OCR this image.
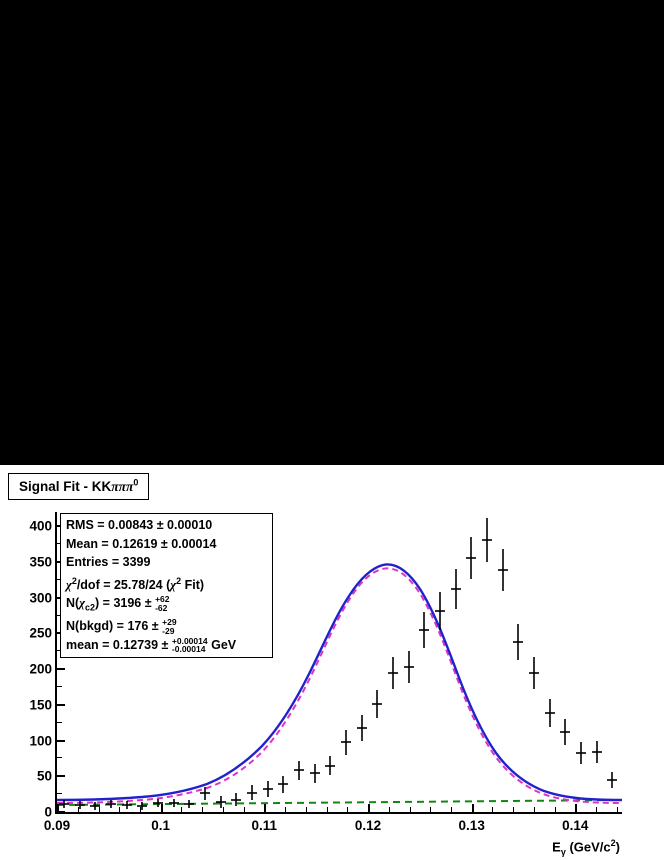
Signal Fit - KKπππ$^0$
0
50
100
150
200
250
300
350
400
0.09	0.1	0.11	0.12	0.13	0.14
$E_\gamma$ $(GeV/c^2)$
RMS = 0.00843 ± 0.00010
Mean = 0.12619 ± 0.00014
Entries = 3399
$\chi^2$/dof = 25.78/24 ($\chi^2$ Fit)
$N(\chi_{c2}) = 3196 \pm +62$
-62
N(bkgd) = 176 ± +29
-29
mean = 0.12739 ± +0.00014
-0.00014 GeV
